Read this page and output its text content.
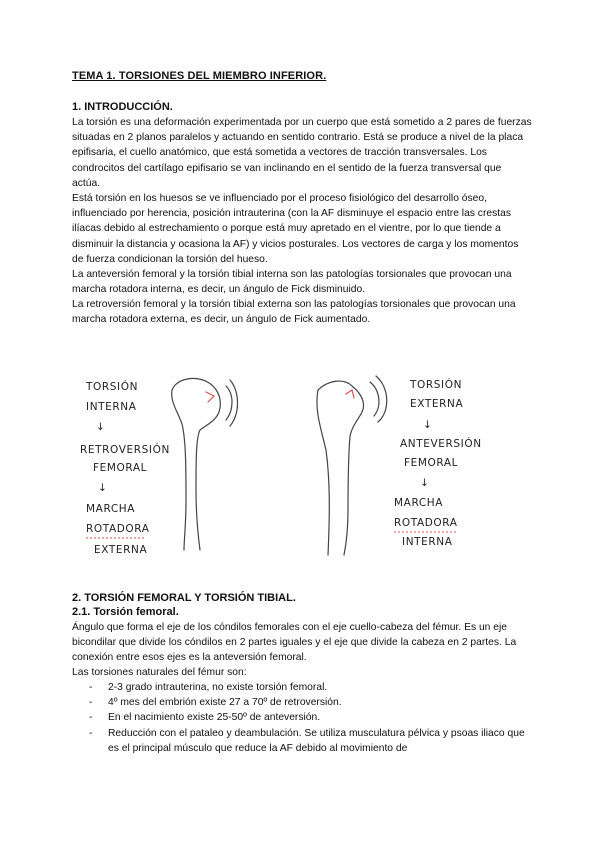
TEMA 1. TORSIONES DEL MIEMBRO INFERIOR.
1. INTRODUCCIÓN.

La torsión es una deformación experimentada por un cuerpo que está sometido a 2 pares de fuerzas situadas en 2 planos paralelos y actuando en sentido contrario. Está se produce a nivel de la placa epifisaria, el cuello anatómico, que está sometida a vectores de tracción transversales. Los condrocitos del cartílago epifisario se van inclinando en el sentido de la fuerza transversal que actúa.

Está torsión en los huesos se ve influenciado por el proceso fisiológico del desarrollo óseo, influenciado por herencia, posición intrauterina (con la AF disminuye el espacio entre las crestas ilíacas debido al estrechamiento o porque está muy apretado en el vientre, por lo que tiende a disminuir la distancia y ocasiona la AF) y vicios posturales. Los vectores de carga y los momentos de fuerza condicionan la torsión del hueso.

La anteversión femoral y la torsión tibial interna son las patologías torsionales que provocan una marcha rotadora interna, es decir, un ángulo de Fick disminuido.

La retroversión femoral y la torsión tibial externa son las patologías torsionales que provocan una marcha rotadora externa, es decir, un ángulo de Fick aumentado.

TORSIÓN
INTERNA
↓
RETROVERSIÓN
FEMORAL
↓
MARCHA
ROTADORA
EXTERNA
TORSIÓN
EXTERNA
↓
ANTEVERSIÓN
FEMORAL
↓
MARCHA
ROTADORA
INTERNA
2. TORSIÓN FEMORAL Y TORSIÓN TIBIAL.
2.1. Torsión femoral.

Ángulo que forma el eje de los cóndilos femorales con el eje cuello-cabeza del fémur. Es un eje bicondilar que divide los cóndilos en 2 partes iguales y el eje que divide la cabeza en 2 partes. La conexión entre esos ejes es la anteversión femoral.

Las torsiones naturales del fémur son:

- 2-3 grado intrauterina, no existe torsión femoral.
- 4º mes del embrión existe 27 a 70º de retroversión.
- En el nacimiento existe 25-50º de anteversión.
- Reducción con el pataleo y deambulación. Se utiliza musculatura pélvica y psoas iliaco que es el principal músculo que reduce la AF debido al movimiento de
